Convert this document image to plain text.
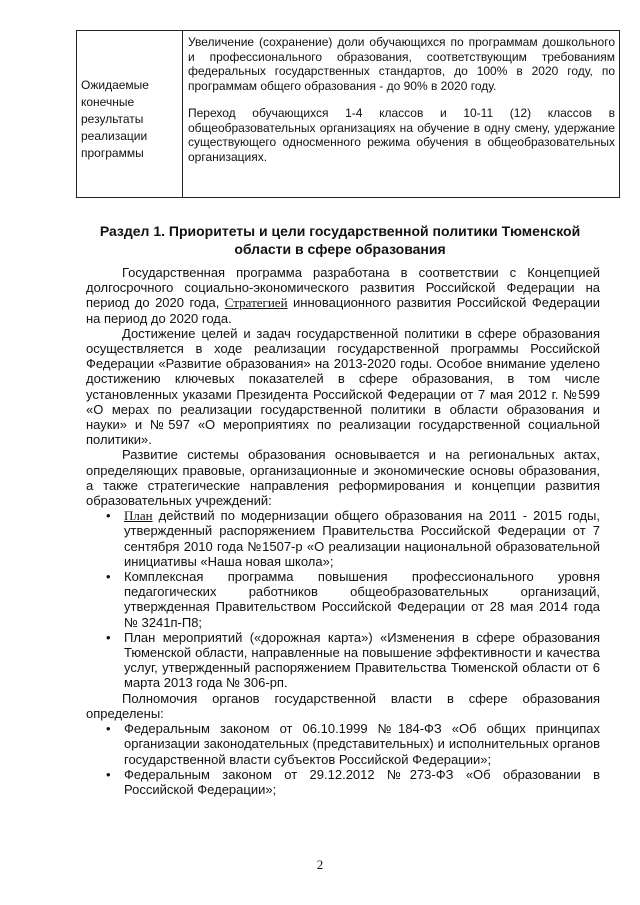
Ожидаемые конечные результаты реализации программы

Увеличение (сохранение) доли обучающихся по программам дошкольного и профессионального образования, соответствующим требованиям федеральных государственных стандартов, до 100% в 2020 году, по программам общего образования - до 90% в 2020 году.

Переход обучающихся 1-4 классов и 10-11 (12) классов в общеобразовательных организациях на обучение в одну смену, удержание существующего односменного режима обучения в общеобразовательных организациях.

Раздел 1. Приоритеты и цели государственной политики Тюменской области в сфере образования

Государственная программа разработана в соответствии с Концепцией долгосрочного социально-экономического развития Российской Федерации на период до 2020 года, Стратегией инновационного развития Российской Федерации на период до 2020 года.

Достижение целей и задач государственной политики в сфере образования осуществляется в ходе реализации государственной программы Российской Федерации «Развитие образования» на 2013-2020 годы. Особое внимание уделено достижению ключевых показателей в сфере образования, в том числе установленных указами Президента Российской Федерации от 7 мая 2012 г. №599 «О мерах по реализации государственной политики в области образования и науки» и №597 «О мероприятиях по реализации государственной социальной политики».

Развитие системы образования основывается и на региональных актах, определяющих правовые, организационные и экономические основы образования, а также стратегические направления реформирования и концепции развития образовательных учреждений:

• План действий по модернизации общего образования на 2011 - 2015 годы, утвержденный распоряжением Правительства Российской Федерации от 7 сентября 2010 года №1507-р «О реализации национальной образовательной инициативы «Наша новая школа»;
• Комплексная программа повышения профессионального уровня педагогических работников общеобразовательных организаций, утвержденная Правительством Российской Федерации от 28 мая 2014 года № 3241п-П8;
• План мероприятий («дорожная карта») «Изменения в сфере образования Тюменской области, направленные на повышение эффективности и качества услуг, утвержденный распоряжением Правительства Тюменской области от 6 марта 2013 года № 306-рп.

Полномочия органов государственной власти в сфере образования определены:

• Федеральным законом от 06.10.1999 №184-ФЗ «Об общих принципах организации законодательных (представительных) и исполнительных органов государственной власти субъектов Российской Федерации»;
• Федеральным законом от 29.12.2012 №273-ФЗ «Об образовании в Российской Федерации»;
2
